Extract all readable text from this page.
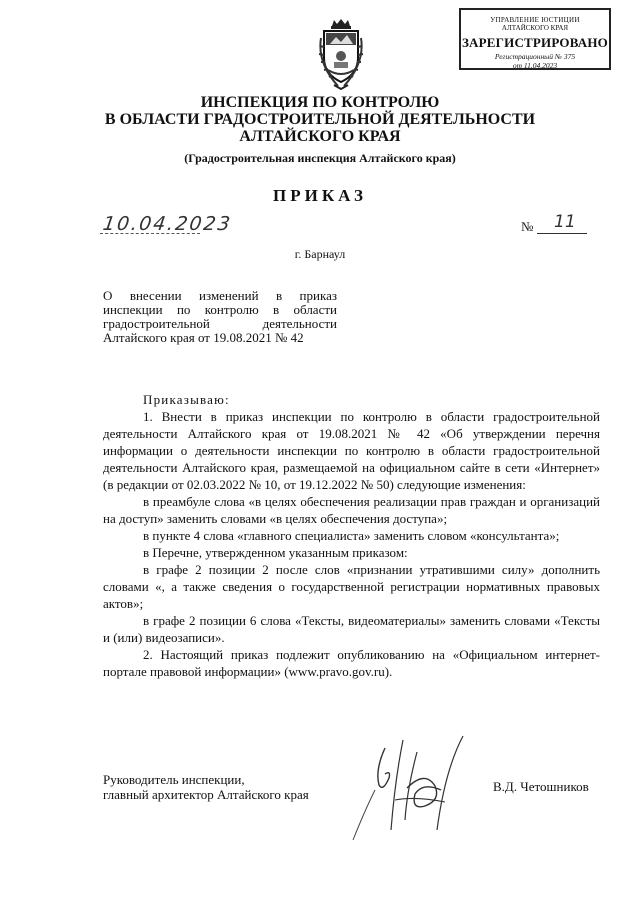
УПРАВЛЕНИЕ ЮСТИЦИИ
АЛТАЙСКОГО КРАЯ
ЗАРЕГИСТРИРОВАНО
Регистрационный № 375
от 11.04.2023
ИНСПЕКЦИЯ ПО КОНТРОЛЮ
В ОБЛАСТИ ГРАДОСТРОИТЕЛЬНОЙ ДЕЯТЕЛЬНОСТИ
АЛТАЙСКОГО КРАЯ
(Градостроительная инспекция Алтайского края)
ПРИКАЗ
10.04.2023	№ 11
г. Барнаул
О внесении изменений в приказ
инспекции по контролю в области
градостроительной деятельности
Алтайского края от 19.08.2021 № 42

Приказываю:

1. Внести в приказ инспекции по контролю в области градостроительной деятельности Алтайского края от 19.08.2021 № 42 «Об утверждении перечня информации о деятельности инспекции по контролю в области градостроительной деятельности Алтайского края, размещаемой на официальном сайте в сети «Интернет» (в редакции от 02.03.2022 № 10, от 19.12.2022 № 50) следующие изменения:

в преамбуле слова «в целях обеспечения реализации прав граждан и организаций на доступ» заменить словами «в целях обеспечения доступа»;

в пункте 4 слова «главного специалиста» заменить словом «консультанта»;

в Перечне, утвержденном указанным приказом:

в графе 2 позиции 2 после слов «признании утратившими силу» дополнить словами «, а также сведения о государственной регистрации нормативных правовых актов»;

в графе 2 позиции 6 слова «Тексты, видеоматериалы» заменить словами «Тексты и (или) видеозаписи».

2. Настоящий приказ подлежит опубликованию на «Официальном интернет-портале правовой информации» (www.pravo.gov.ru).

Руководитель инспекции,
главный архитектор Алтайского края
В.Д. Четошников
